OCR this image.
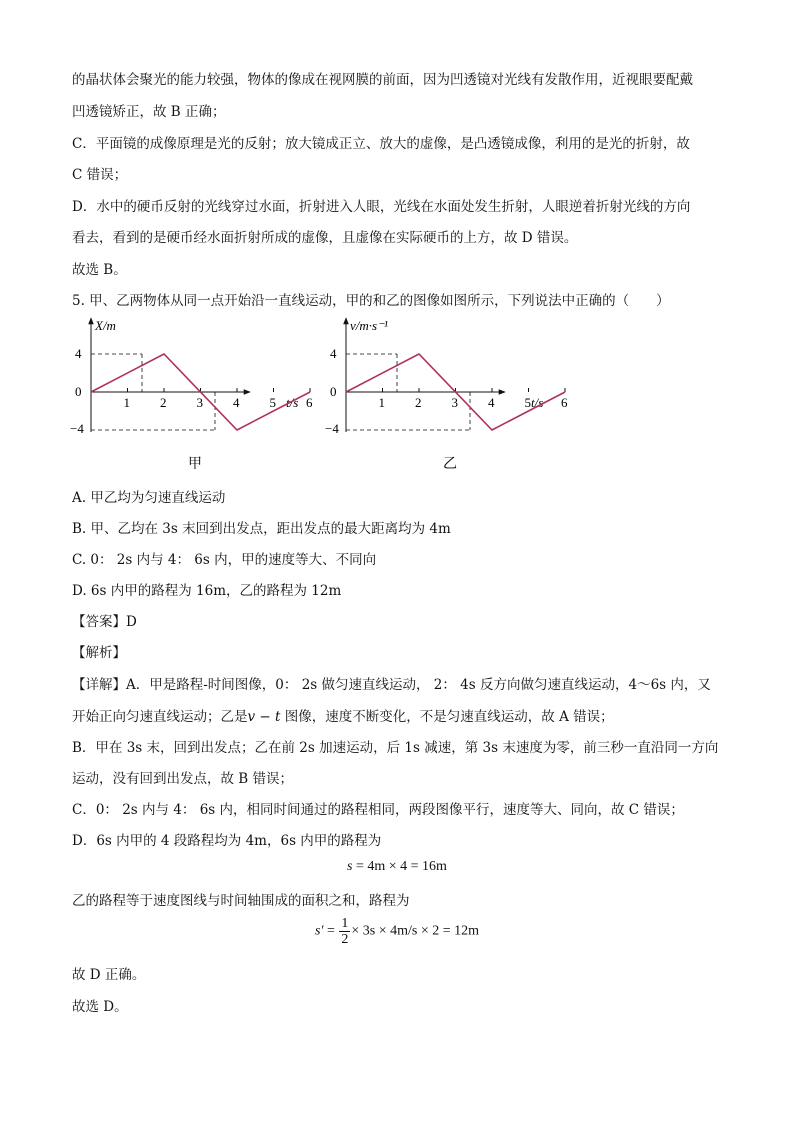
的晶状体会聚光的能力较强，物体的像成在视网膜的前面，因为凹透镜对光线有发散作用，近视眼要配戴
凹透镜矫正，故 B 正确；
C．平面镜的成像原理是光的反射；放大镜成正立、放大的虚像，是凸透镜成像，利用的是光的折射，故
C 错误；
D．水中的硬币反射的光线穿过水面，折射进入人眼，光线在水面处发生折射，人眼逆着折射光线的方向
看去，看到的是硬币经水面折射所成的虚像，且虚像在实际硬币的上方，故 D 错误。
故选 B。
5. 甲、乙两物体从同一点开始沿一直线运动，甲的和乙的图像如图所示，下列说法中正确的（　　）
X/m
t/s
4
0
−4
1 2 3 4 5 6
甲
v/m·s⁻¹
t/s
4
0
−4
1 2 3 4 5 6
乙
A. 甲乙均为匀速直线运动
B. 甲、乙均在 3s 末回到出发点，距出发点的最大距离均为 4m
C. 0： 2s 内与 4： 6s 内，甲的速度等大、不同向
D. 6s 内甲的路程为 16m，乙的路程为 12m
【答案】D
【解析】
【详解】A．甲是路程-时间图像，0： 2s 做匀速直线运动， 2： 4s 反方向做匀速直线运动，4～6s 内，又
开始正向匀速直线运动；乙是v − t 图像，速度不断变化，不是匀速直线运动，故 A 错误；
B．甲在 3s 末，回到出发点；乙在前 2s 加速运动，后 1s 减速，第 3s 末速度为零，前三秒一直沿同一方向
运动，没有回到出发点，故 B 错误；
C．0： 2s 内与 4： 6s 内，相同时间通过的路程相同，两段图像平行，速度等大、同向，故 C 错误；
D．6s 内甲的 4 段路程均为 4m，6s 内甲的路程为
s = 4m × 4 = 16m
乙的路程等于速度图线与时间轴围成的面积之和，路程为
$s' = \frac{1}{2} \times 3s \times 4m/s \times 2 = 12m$
故 D 正确。
故选 D。
